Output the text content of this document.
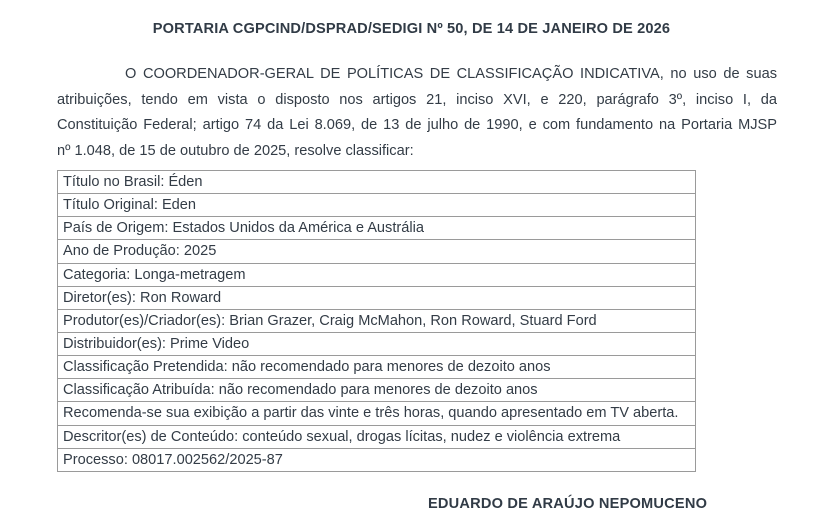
PORTARIA CGPCIND/DSPRAD/SEDIGI Nº 50, DE 14 DE JANEIRO DE 2026

O COORDENADOR-GERAL DE POLÍTICAS DE CLASSIFICAÇÃO INDICATIVA, no uso de suas
atribuições, tendo em vista o disposto nos artigos 21, inciso XVI, e 220, parágrafo 3º, inciso I, da
Constituição Federal; artigo 74 da Lei 8.069, de 13 de julho de 1990, e com fundamento na Portaria MJSP
nº 1.048, de 15 de outubro de 2025, resolve classificar:

Título no Brasil: Éden
Título Original: Eden
País de Origem: Estados Unidos da América e Austrália
Ano de Produção: 2025
Categoria: Longa-metragem
Diretor(es): Ron Roward
Produtor(es)/Criador(es): Brian Grazer, Craig McMahon, Ron Roward, Stuard Ford
Distribuidor(es): Prime Video
Classificação Pretendida: não recomendado para menores de dezoito anos
Classificação Atribuída: não recomendado para menores de dezoito anos
Recomenda-se sua exibição a partir das vinte e três horas, quando apresentado em TV aberta.
Descritor(es) de Conteúdo: conteúdo sexual, drogas lícitas, nudez e violência extrema
Processo: 08017.002562/2025-87

EDUARDO DE ARAÚJO NEPOMUCENO
